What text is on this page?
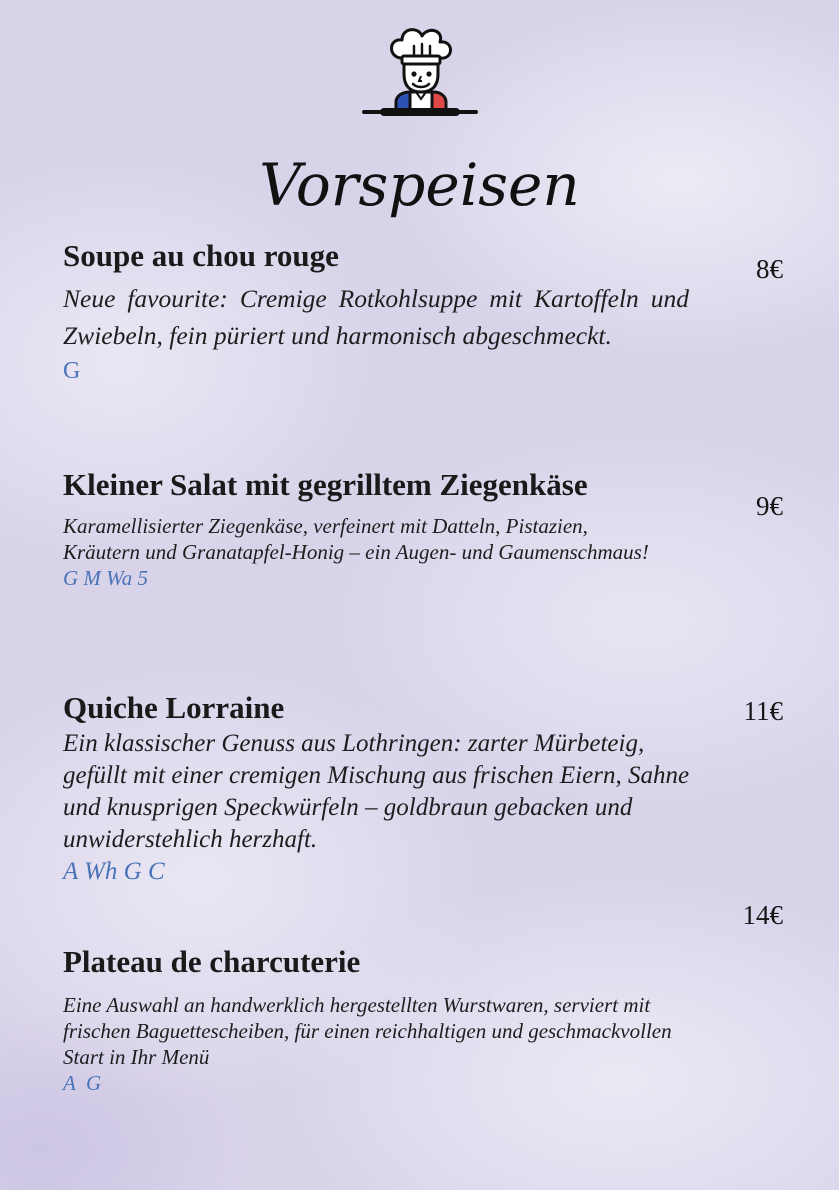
Vorspeisen
Soupe au chou rouge

Neue favourite: Cremige Rotkohlsuppe mit Kartoffeln und Zwiebeln, fein püriert und harmonisch abgeschmeckt.

G
8€
Kleiner Salat mit gegrilltem Ziegenkäse

Karamellisierter Ziegenkäse, verfeinert mit Datteln, Pistazien, Kräutern und Granatapfel-Honig – ein Augen- und Gaumenschmaus!

G M Wa 5
9€
Quiche Lorraine

Ein klassischer Genuss aus Lothringen: zarter Mürbeteig, gefüllt mit einer cremigen Mischung aus frischen Eiern, Sahne und knusprigen Speckwürfeln – goldbraun gebacken und unwiderstehlich herzhaft.

A Wh G C
11€
14€
Plateau de charcuterie

Eine Auswahl an handwerklich hergestellten Wurstwaren, serviert mit frischen Baguettescheiben, für einen reichhaltigen und geschmackvollen Start in Ihr Menü

A  G
